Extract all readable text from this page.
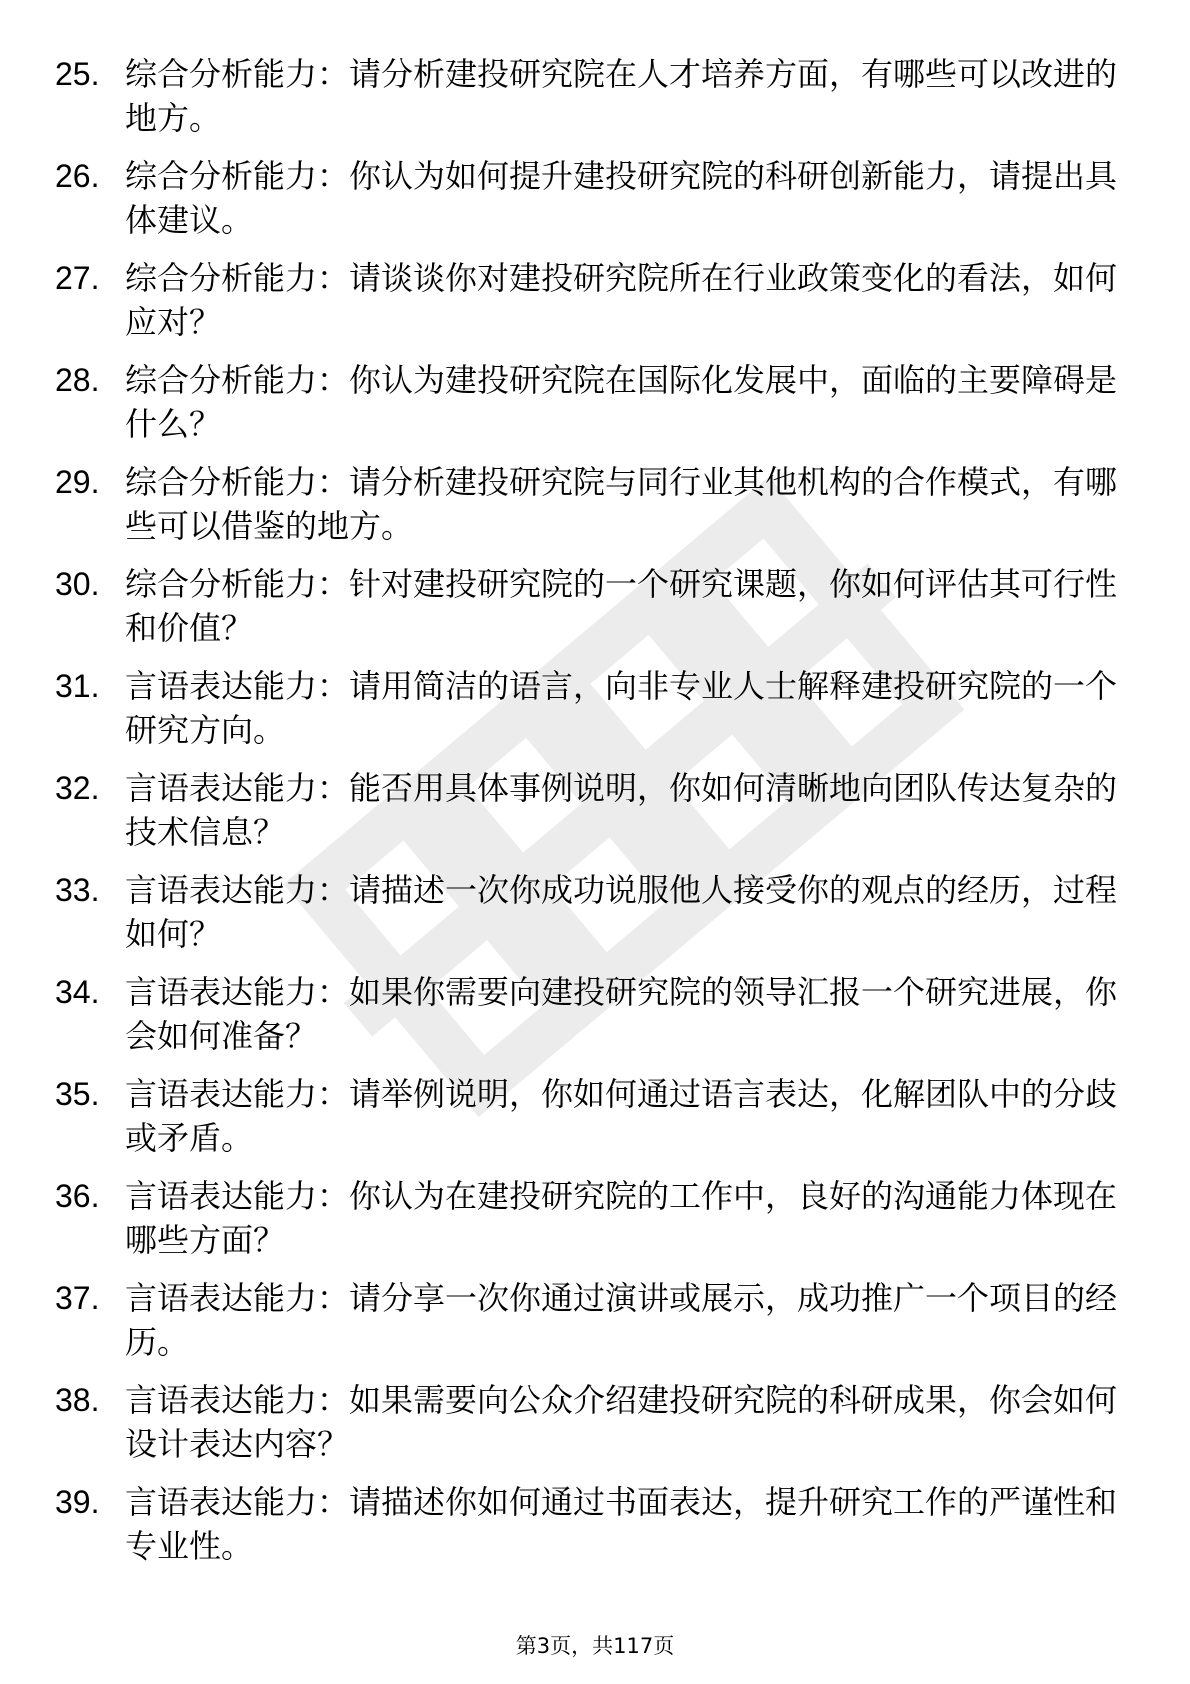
25. 综合分析能力：请分析建投研究院在人才培养方面，有哪些可以改进的地方。
26. 综合分析能力：你认为如何提升建投研究院的科研创新能力，请提出具体建议。
27. 综合分析能力：请谈谈你对建投研究院所在行业政策变化的看法，如何应对？
28. 综合分析能力：你认为建投研究院在国际化发展中，面临的主要障碍是什么？
29. 综合分析能力：请分析建投研究院与同行业其他机构的合作模式，有哪些可以借鉴的地方。
30. 综合分析能力：针对建投研究院的一个研究课题，你如何评估其可行性和价值？
31. 言语表达能力：请用简洁的语言，向非专业人士解释建投研究院的一个研究方向。
32. 言语表达能力：能否用具体事例说明，你如何清晰地向团队传达复杂的技术信息？
33. 言语表达能力：请描述一次你成功说服他人接受你的观点的经历，过程如何？
34. 言语表达能力：如果你需要向建投研究院的领导汇报一个研究进展，你会如何准备？
35. 言语表达能力：请举例说明，你如何通过语言表达，化解团队中的分歧或矛盾。
36. 言语表达能力：你认为在建投研究院的工作中，良好的沟通能力体现在哪些方面？
37. 言语表达能力：请分享一次你通过演讲或展示，成功推广一个项目的经历。
38. 言语表达能力：如果需要向公众介绍建投研究院的科研成果，你会如何设计表达内容？
39. 言语表达能力：请描述你如何通过书面表达，提升研究工作的严谨性和专业性。
第3页，共117页
